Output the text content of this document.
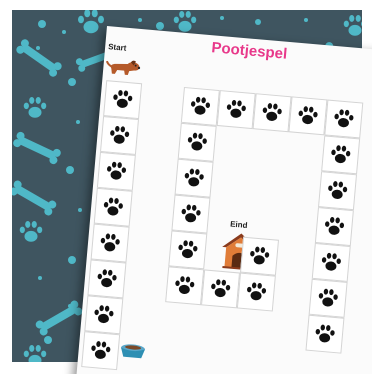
Pootjespel
Start
Eind
